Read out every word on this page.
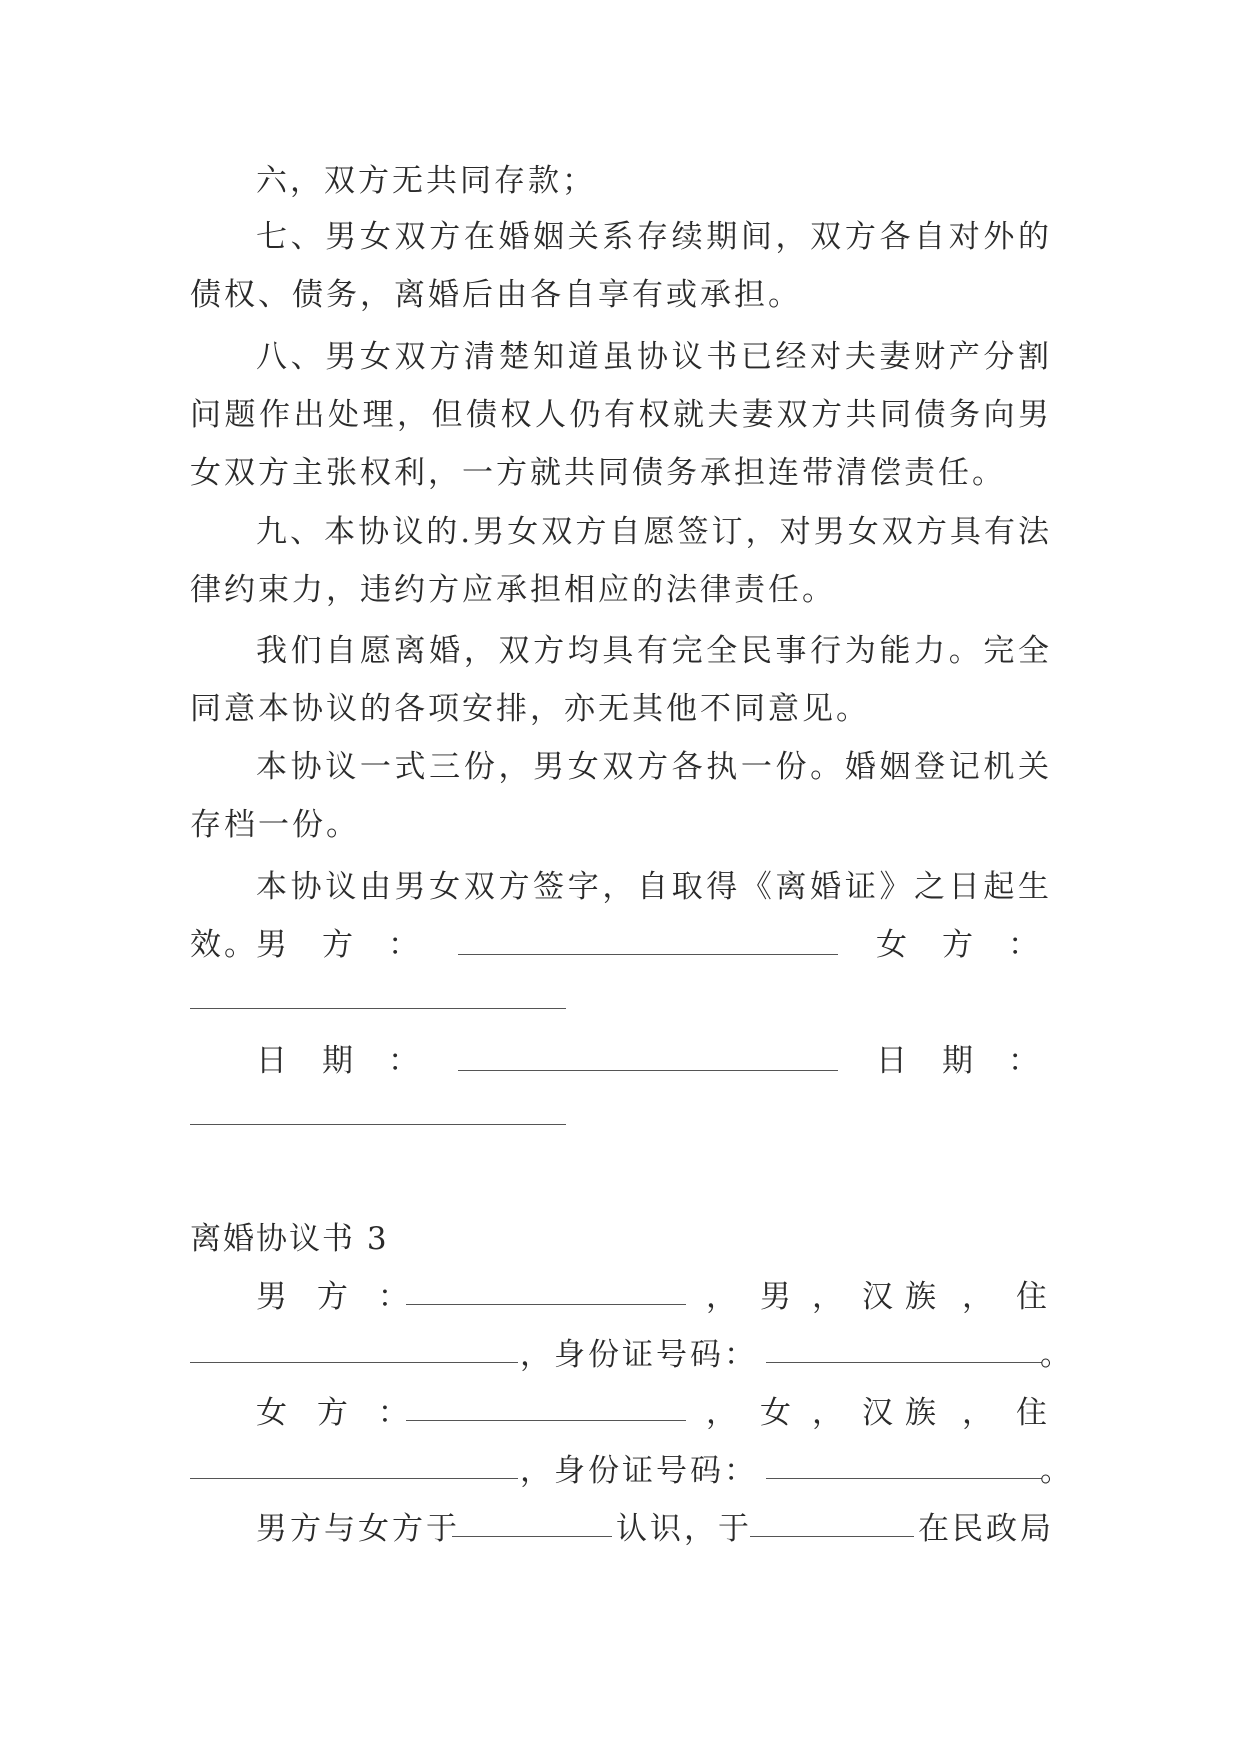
六，双方无共同存款；

七、男女双方在婚姻关系存续期间，双方各自对外的债权、债务，离婚后由各自享有或承担。

八、男女双方清楚知道虽协议书已经对夫妻财产分割问题作出处理，但债权人仍有权就夫妻双方共同债务向男女双方主张权利，一方就共同债务承担连带清偿责任。

九、本协议的.男女双方自愿签订，对男女双方具有法律约束力，违约方应承担相应的法律责任。

我们自愿离婚，双方均具有完全民事行为能力。完全同意本协议的各项安排，亦无其他不同意见。

本协议一式三份，男女双方各执一份。婚姻登记机关存档一份。

本协议由男女双方签字，自取得《离婚证》之日起生效。

男 方 ：	女 方 ：
日 期 ：	日 期 ：
离婚协议书 3
男 方 ：	， 男 ， 汉族 ， 住
，身份证号码：	。
女 方 ：	， 女 ， 汉族 ， 住
，身份证号码：	。
男方与女方于	认识，于	在民政局
